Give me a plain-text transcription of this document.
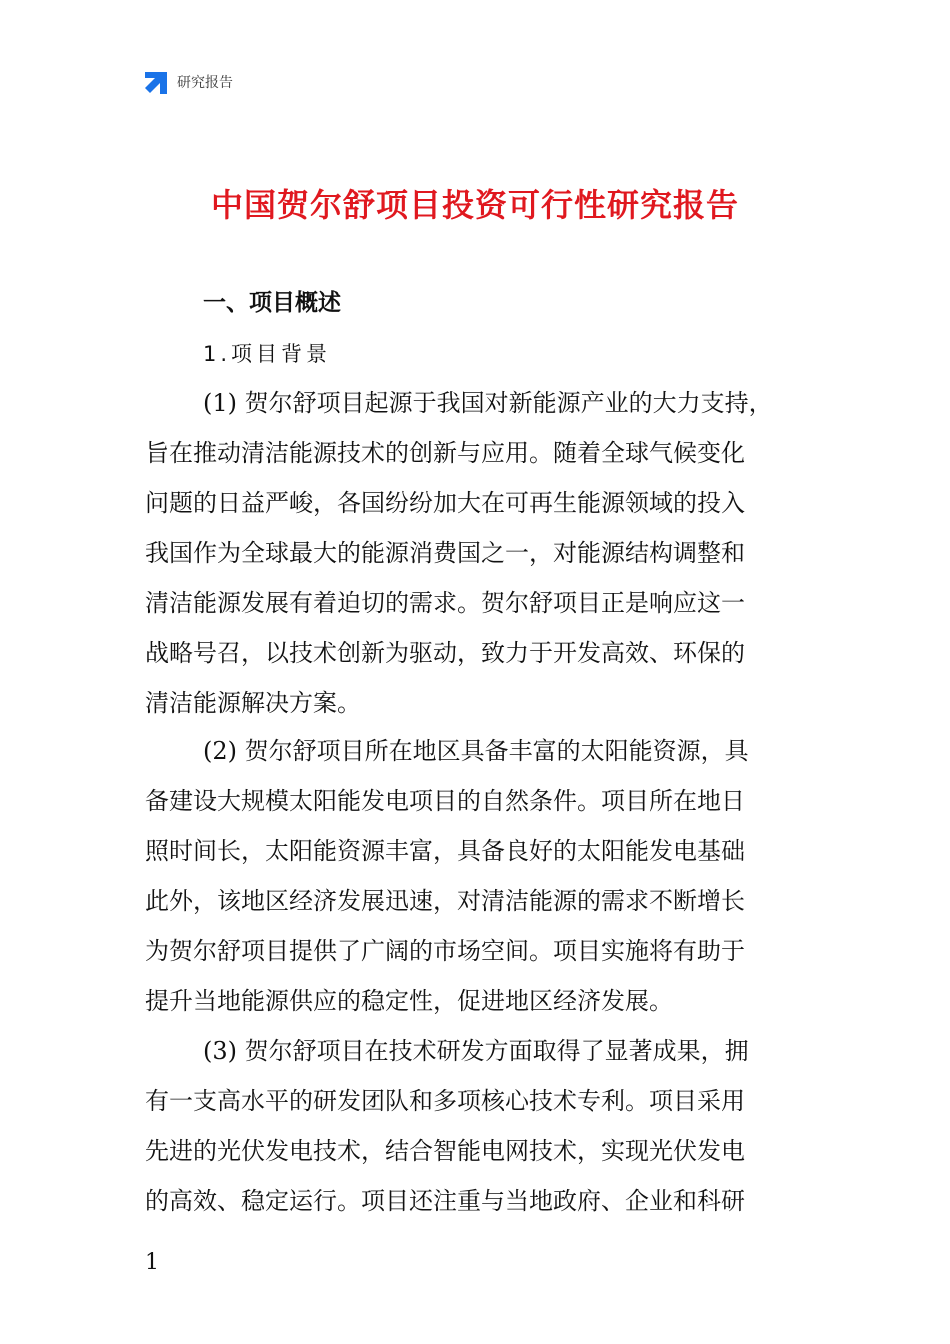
研究报告
中国贺尔舒项目投资可行性研究报告
一、项目概述
1.项目背景
(1) 贺尔舒项目起源于我国对新能源产业的大力支持，
旨在推动清洁能源技术的创新与应用。随着全球气候变化
问题的日益严峻，各国纷纷加大在可再生能源领域的投入
我国作为全球最大的能源消费国之一，对能源结构调整和
清洁能源发展有着迫切的需求。贺尔舒项目正是响应这一
战略号召，以技术创新为驱动，致力于开发高效、环保的
清洁能源解决方案。
(2) 贺尔舒项目所在地区具备丰富的太阳能资源，具
备建设大规模太阳能发电项目的自然条件。项目所在地日
照时间长，太阳能资源丰富，具备良好的太阳能发电基础
此外，该地区经济发展迅速，对清洁能源的需求不断增长
为贺尔舒项目提供了广阔的市场空间。项目实施将有助于
提升当地能源供应的稳定性，促进地区经济发展。
(3) 贺尔舒项目在技术研发方面取得了显著成果，拥
有一支高水平的研发团队和多项核心技术专利。项目采用
先进的光伏发电技术，结合智能电网技术，实现光伏发电
的高效、稳定运行。项目还注重与当地政府、企业和科研
1
